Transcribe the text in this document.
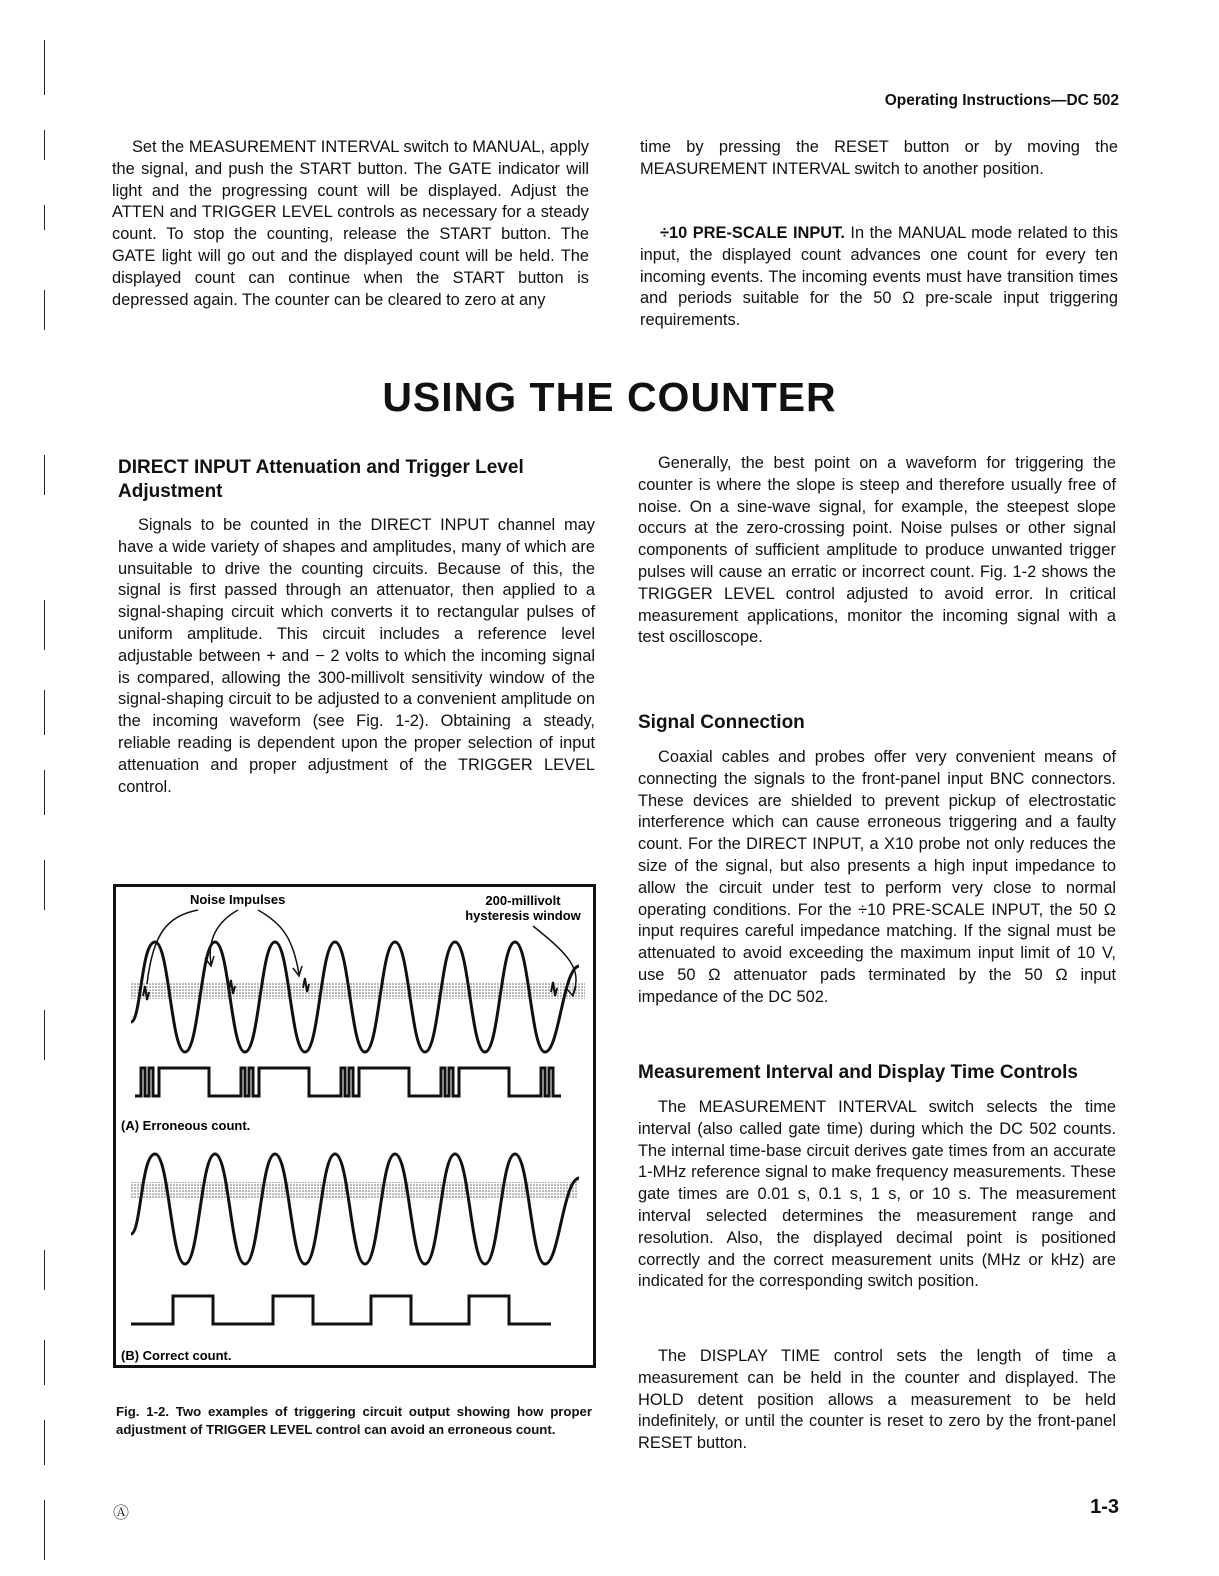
Operating Instructions—DC 502

Set the MEASUREMENT INTERVAL switch to MANUAL, apply the signal, and push the START button. The GATE indicator will light and the progressing count will be displayed. Adjust the ATTEN and TRIGGER LEVEL controls as necessary for a steady count. To stop the counting, release the START button. The GATE light will go out and the displayed count will be held. The displayed count can continue when the START button is depressed again. The counter can be cleared to zero at any

time by pressing the RESET button or by moving the MEASUREMENT INTERVAL switch to another position.

÷10 PRE-SCALE INPUT. In the MANUAL mode related to this input, the displayed count advances one count for every ten incoming events. The incoming events must have transition times and periods suitable for the 50 Ω pre-scale input triggering requirements.

USING THE COUNTER
DIRECT INPUT Attenuation and Trigger Level Adjustment

Signals to be counted in the DIRECT INPUT channel may have a wide variety of shapes and amplitudes, many of which are unsuitable to drive the counting circuits. Because of this, the signal is first passed through an attenuator, then applied to a signal-shaping circuit which converts it to rectangular pulses of uniform amplitude. This circuit includes a reference level adjustable between + and − 2 volts to which the incoming signal is compared, allowing the 300-millivolt sensitivity window of the signal-shaping circuit to be adjusted to a convenient amplitude on the incoming waveform (see Fig. 1-2). Obtaining a steady, reliable reading is dependent upon the proper selection of input attenuation and proper adjustment of the TRIGGER LEVEL control.

Noise Impulses	200-millivolt
hysteresis window
(A) Erroneous count.
(B) Correct count.

Fig. 1-2. Two examples of triggering circuit output showing how proper adjustment of TRIGGER LEVEL control can avoid an erroneous count.

Generally, the best point on a waveform for triggering the counter is where the slope is steep and therefore usually free of noise. On a sine-wave signal, for example, the steepest slope occurs at the zero-crossing point. Noise pulses or other signal components of sufficient amplitude to produce unwanted trigger pulses will cause an erratic or incorrect count. Fig. 1-2 shows the TRIGGER LEVEL control adjusted to avoid error. In critical measurement applications, monitor the incoming signal with a test oscilloscope.

Signal Connection

Coaxial cables and probes offer very convenient means of connecting the signals to the front-panel input BNC connectors. These devices are shielded to prevent pickup of electrostatic interference which can cause erroneous triggering and a faulty count. For the DIRECT INPUT, a X10 probe not only reduces the size of the signal, but also presents a high input impedance to allow the circuit under test to perform very close to normal operating conditions. For the ÷10 PRE-SCALE INPUT, the 50 Ω input requires careful impedance matching. If the signal must be attenuated to avoid exceeding the maximum input limit of 10 V, use 50 Ω attenuator pads terminated by the 50 Ω input impedance of the DC 502.

Measurement Interval and Display Time Controls

The MEASUREMENT INTERVAL switch selects the time interval (also called gate time) during which the DC 502 counts. The internal time-base circuit derives gate times from an accurate 1-MHz reference signal to make frequency measurements. These gate times are 0.01 s, 0.1 s, 1 s, or 10 s. The measurement interval selected determines the measurement range and resolution. Also, the displayed decimal point is positioned correctly and the correct measurement units (MHz or kHz) are indicated for the corresponding switch position.

The DISPLAY TIME control sets the length of time a measurement can be held in the counter and displayed. The HOLD detent position allows a measurement to be held indefinitely, or until the counter is reset to zero by the front-panel RESET button.

Ⓐ	1-3
